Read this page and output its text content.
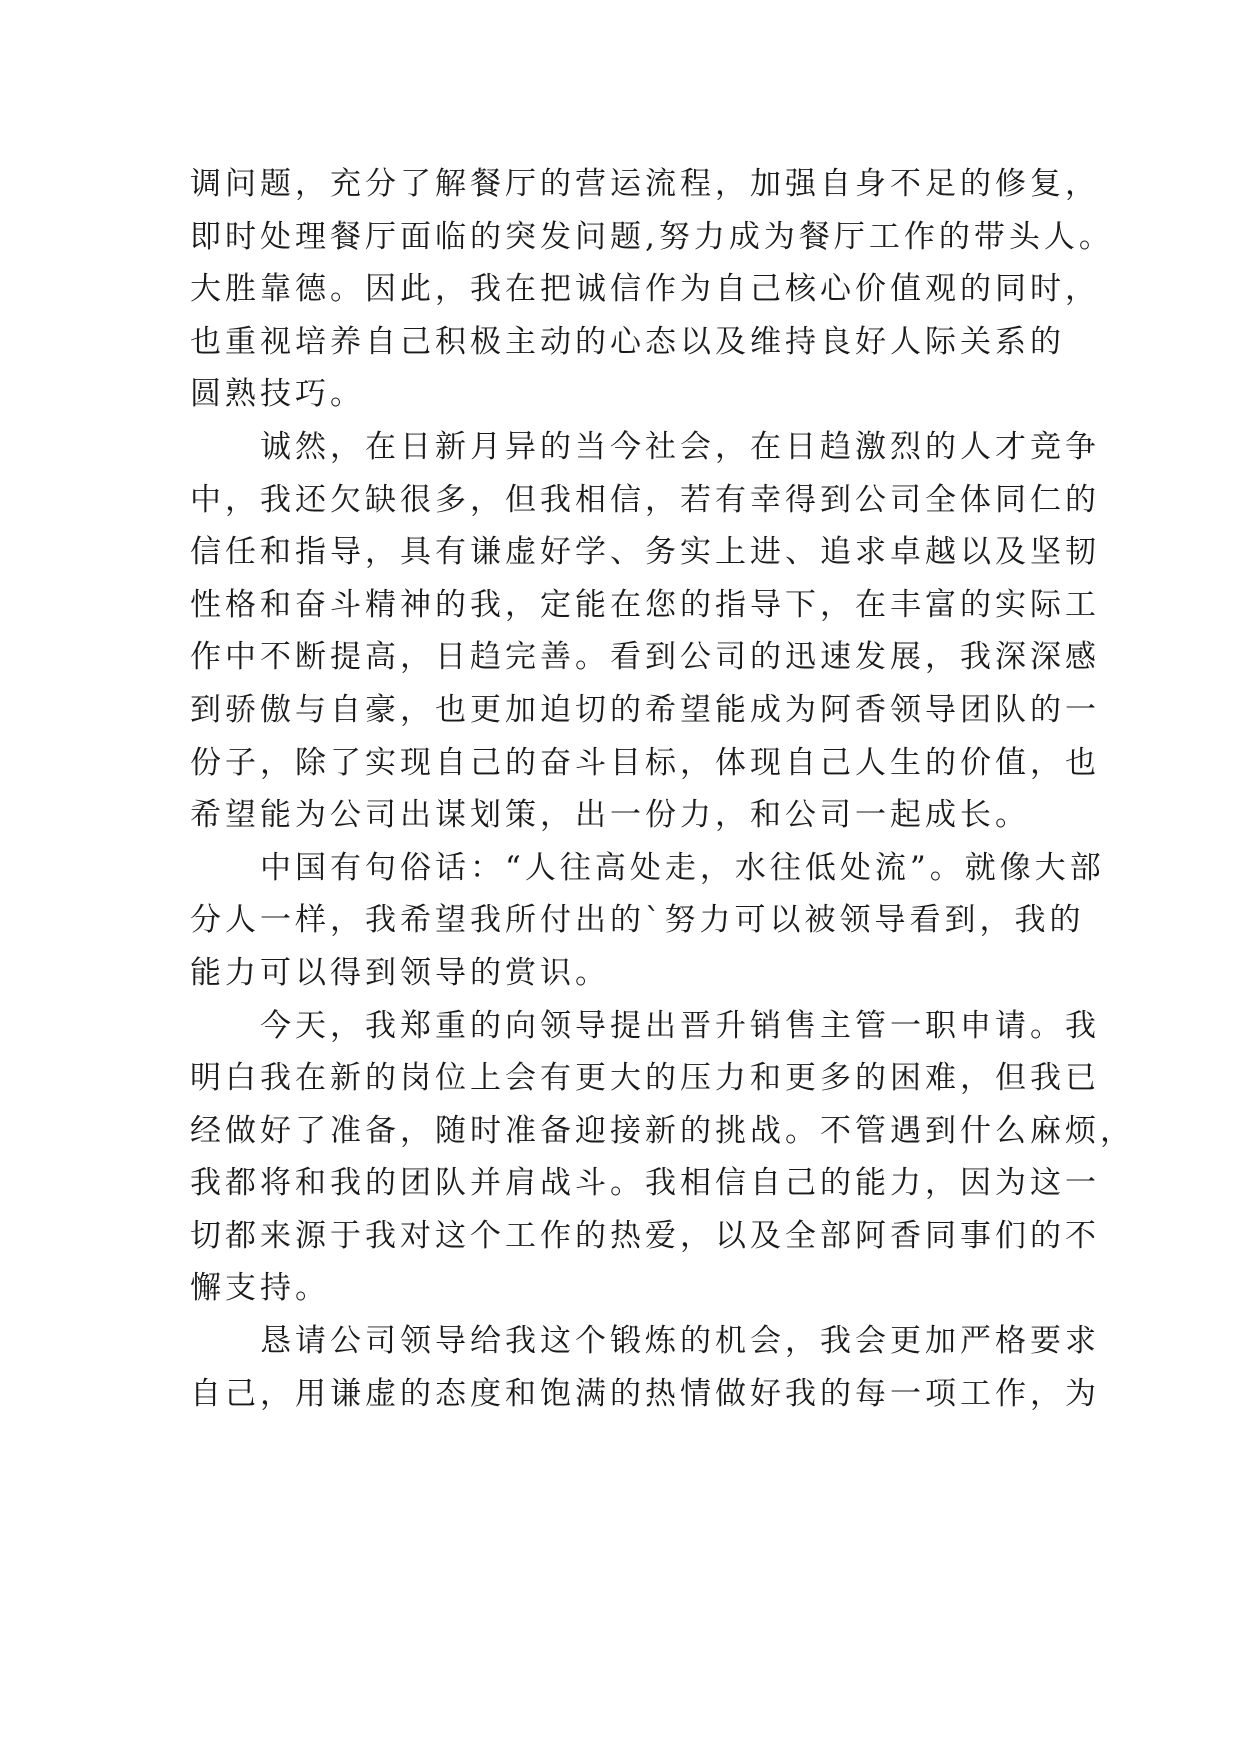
调问题，充分了解餐厅的营运流程，加强自身不足的修复，
即时处理餐厅面临的突发问题,努力成为餐厅工作的带头人。
大胜靠德。因此，我在把诚信作为自己核心价值观的同时，
也重视培养自己积极主动的心态以及维持良好人际关系的
圆熟技巧。
　　诚然，在日新月异的当今社会，在日趋激烈的人才竞争
中，我还欠缺很多，但我相信，若有幸得到公司全体同仁的
信任和指导，具有谦虚好学、务实上进、追求卓越以及坚韧
性格和奋斗精神的我，定能在您的指导下，在丰富的实际工
作中不断提高，日趋完善。看到公司的迅速发展，我深深感
到骄傲与自豪，也更加迫切的希望能成为阿香领导团队的一
份子，除了实现自己的奋斗目标，体现自己人生的价值，也
希望能为公司出谋划策，出一份力，和公司一起成长。
　　中国有句俗话：“人往高处走，水往低处流”。就像大部
分人一样，我希望我所付出的`努力可以被领导看到，我的
能力可以得到领导的赏识。
　　今天，我郑重的向领导提出晋升销售主管一职申请。我
明白我在新的岗位上会有更大的压力和更多的困难，但我已
经做好了准备，随时准备迎接新的挑战。不管遇到什么麻烦，
我都将和我的团队并肩战斗。我相信自己的能力，因为这一
切都来源于我对这个工作的热爱，以及全部阿香同事们的不
懈支持。
　　恳请公司领导给我这个锻炼的机会，我会更加严格要求
自己，用谦虚的态度和饱满的热情做好我的每一项工作，为
